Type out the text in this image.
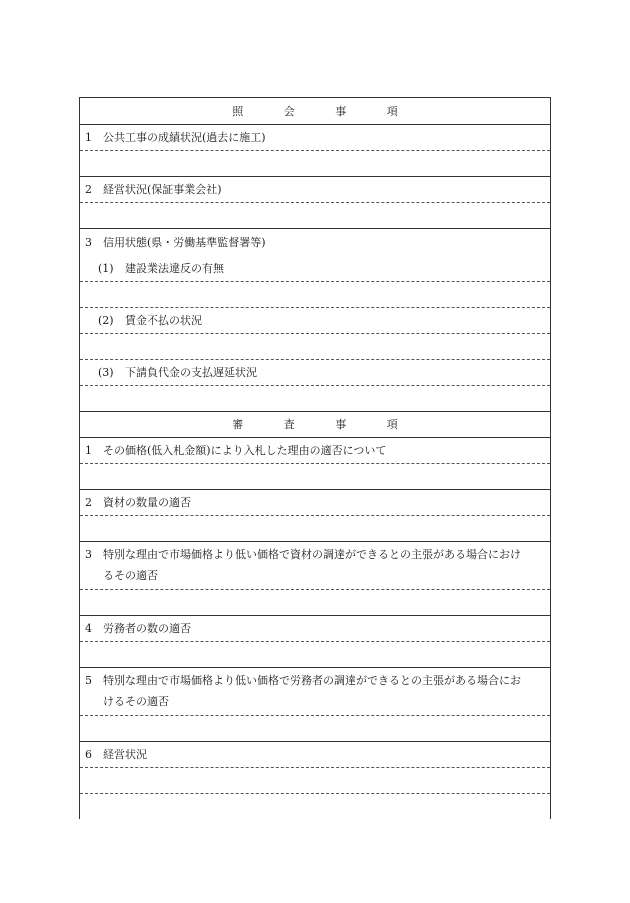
照	会	事	項
1 公共工事の成績状況(過去に施工)
2 経営状況(保証事業会社)
3 信用状態(県・労働基準監督署等)
(1) 建設業法違反の有無
(2) 賃金不払の状況
(3) 下請負代金の支払遅延状況
審	査	事	項
1 その価格(低入札金額)により入札した理由の適否について
2 資材の数量の適否
3 特別な理由で市場価格より低い価格で資材の調達ができるとの主張がある場合におけ
るその適否
4 労務者の数の適否
5 特別な理由で市場価格より低い価格で労務者の調達ができるとの主張がある場合にお
けるその適否
6 経営状況
